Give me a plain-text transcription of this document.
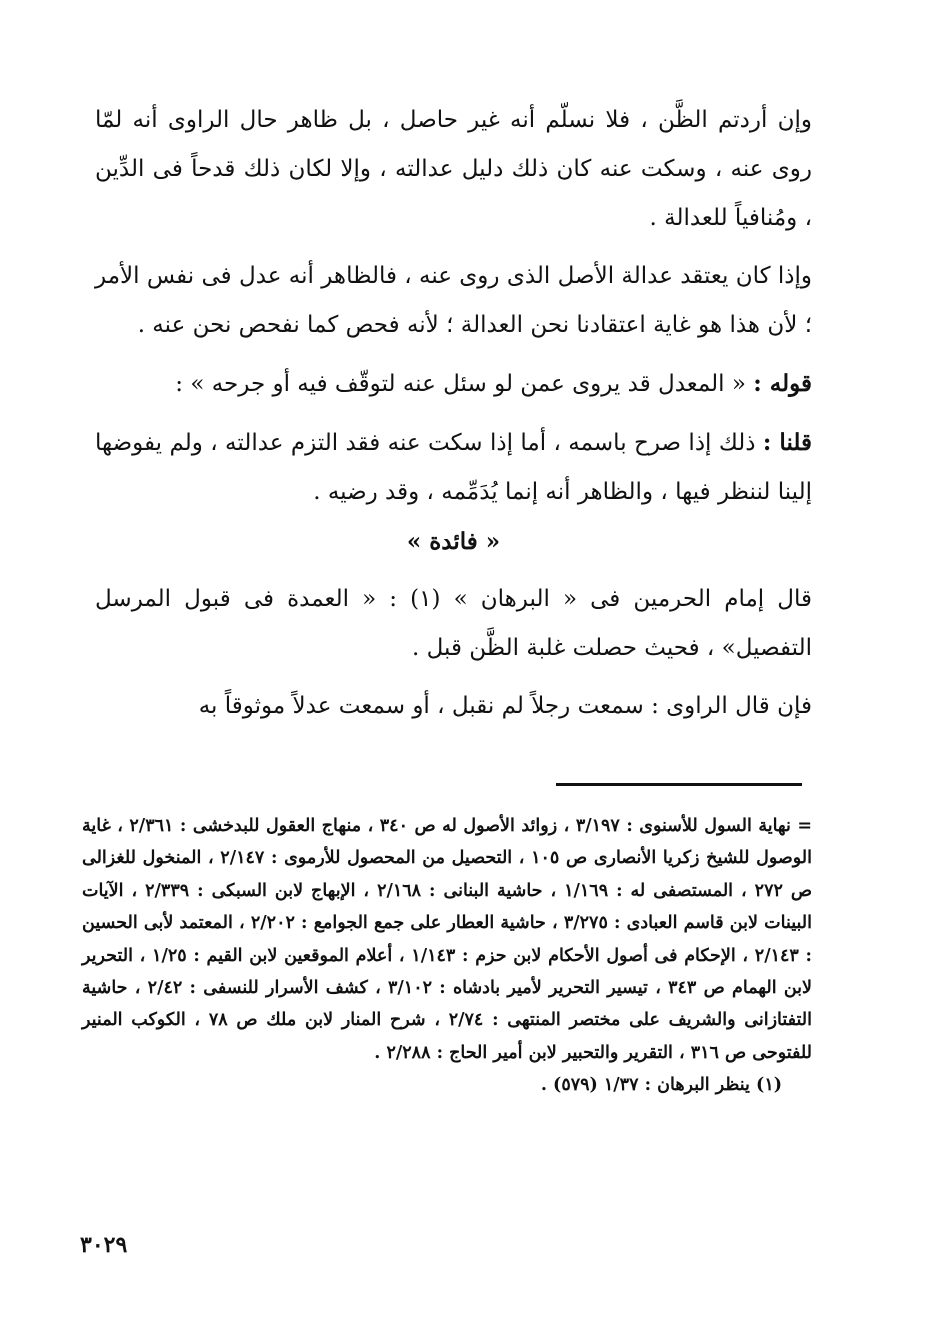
وإن أردتم الظَّن ، فلا نسلّم أنه غير حاصل ، بل ظاهر حال الراوى أنه لمّا روى عنه ، وسكت عنه كان ذلك دليل عدالته ، وإلا لكان ذلك قدحاً فى الدِّين ، ومُنافياً للعدالة .

وإذا كان يعتقد عدالة الأصل الذى روى عنه ، فالظاهر أنه عدل فى نفس الأمر ؛ لأن هذا هو غاية اعتقادنا نحن العدالة ؛ لأنه فحص كما نفحص نحن عنه .

قوله : « المعدل قد يروى عمن لو سئل عنه لتوقّف فيه أو جرحه » :

قلنا : ذلك إذا صرح باسمه ، أما إذا سكت عنه فقد التزم عدالته ، ولم يفوضها إلينا لننظر فيها ، والظاهر أنه إنما يُدَمِّمه ، وقد رضيه .

« فائدة »

قال إمام الحرمين فى « البرهان » (١) : « العمدة فى قبول المرسل التفصيل» ، فحيث حصلت غلبة الظَّن قبل .

فإن قال الراوى : سمعت رجلاً لم نقبل ، أو سمعت عدلاً موثوقاً به

= نهاية السول للأسنوى : ٣/١٩٧ ، زوائد الأصول له ص ٣٤٠ ، منهاج العقول للبدخشى : ٢/٣٦١ ، غاية الوصول للشيخ زكريا الأنصارى ص ١٠٥ ، التحصيل من المحصول للأرموى : ٢/١٤٧ ، المنخول للغزالى ص ٢٧٢ ، المستصفى له : ١/١٦٩ ، حاشية البنانى : ٢/١٦٨ ، الإبهاج لابن السبكى : ٢/٣٣٩ ، الآيات البينات لابن قاسم العبادى : ٣/٢٧٥ ، حاشية العطار على جمع الجوامع : ٢/٢٠٢ ، المعتمد لأبى الحسين : ٢/١٤٣ ، الإحكام فى أصول الأحكام لابن حزم : ١/١٤٣ ، أعلام الموقعين لابن القيم : ١/٢٥ ، التحرير لابن الهمام ص ٣٤٣ ، تيسير التحرير لأمير بادشاه : ٣/١٠٢ ، كشف الأسرار للنسفى : ٢/٤٢ ، حاشية التفتازانى والشريف على مختصر المنتهى : ٢/٧٤ ، شرح المنار لابن ملك ص ٧٨ ، الكوكب المنير للفتوحى ص ٣١٦ ، التقرير والتحبير لابن أمير الحاج : ٢/٢٨٨ .

(١) ينظر البرهان : ١/٣٧ (٥٧٩) .

٣٠٢٩
